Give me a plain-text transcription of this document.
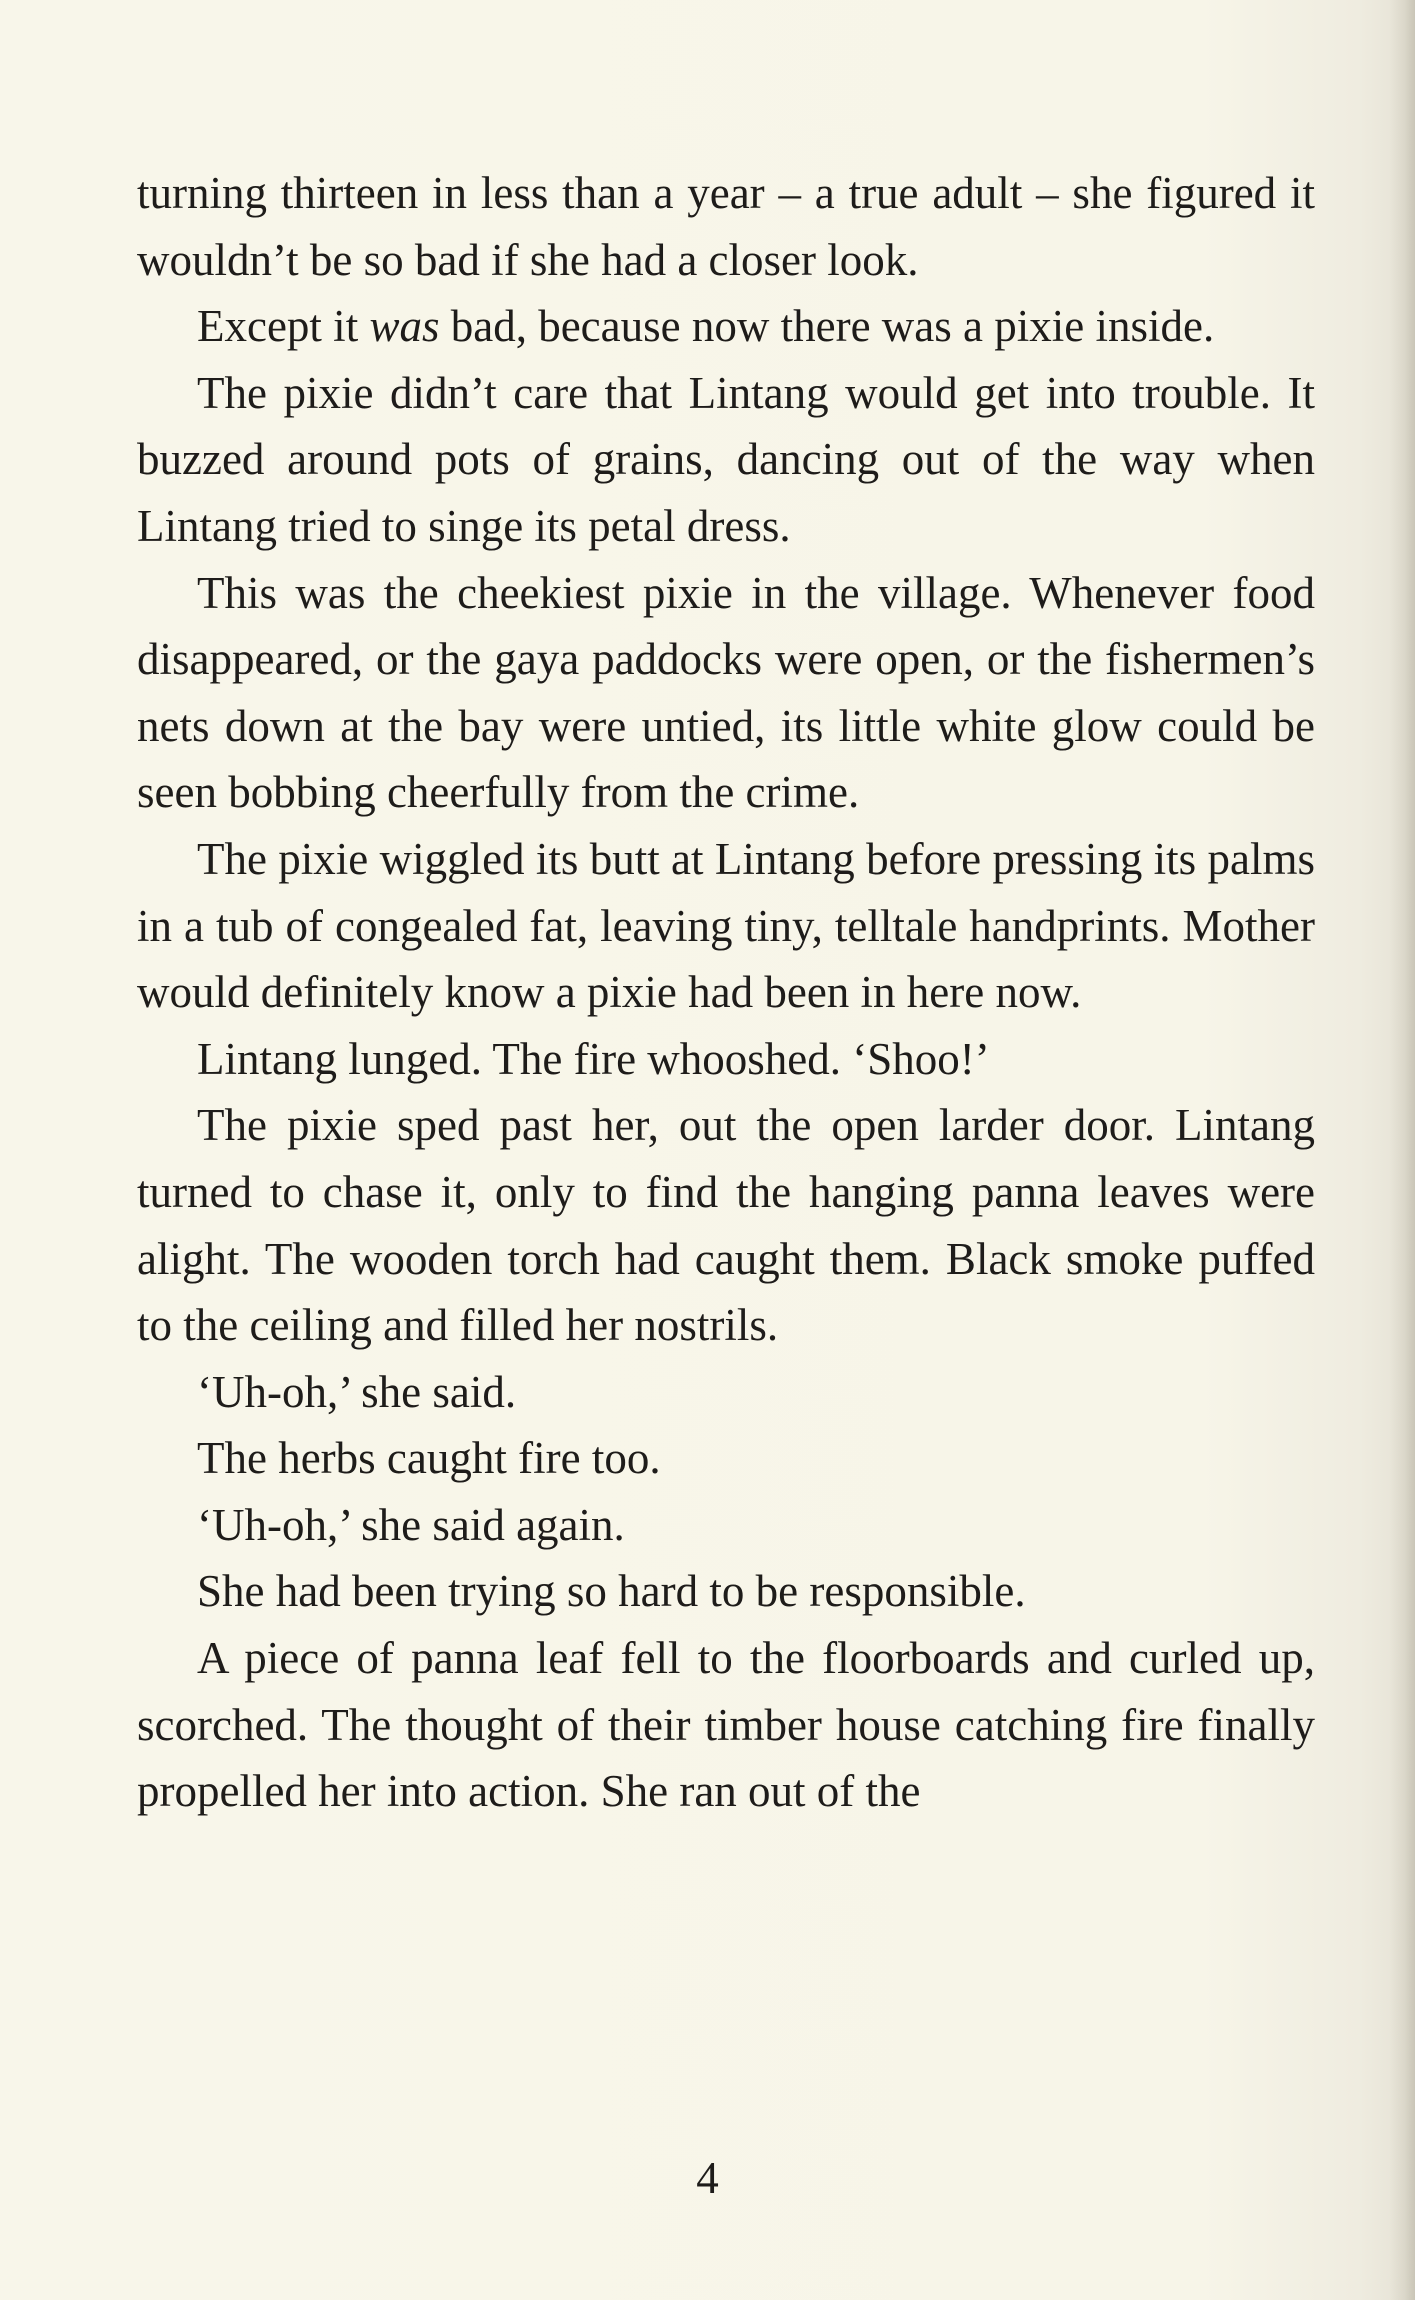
turning thirteen in less than a year – a true adult – she figured it wouldn’t be so bad if she had a closer look.

Except it was bad, because now there was a pixie inside.

The pixie didn’t care that Lintang would get into trouble. It buzzed around pots of grains, dancing out of the way when Lintang tried to singe its petal dress.

This was the cheekiest pixie in the village. Whenever food disappeared, or the gaya paddocks were open, or the fishermen’s nets down at the bay were untied, its little white glow could be seen bobbing cheerfully from the crime.

The pixie wiggled its butt at Lintang before pressing its palms in a tub of congealed fat, leaving tiny, telltale handprints. Mother would definitely know a pixie had been in here now.

Lintang lunged. The fire whooshed. ‘Shoo!’

The pixie sped past her, out the open larder door. Lintang turned to chase it, only to find the hanging panna leaves were alight. The wooden torch had caught them. Black smoke puffed to the ceiling and filled her nostrils.

‘Uh-oh,’ she said.

The herbs caught fire too.

‘Uh-oh,’ she said again.

She had been trying so hard to be responsible.

A piece of panna leaf fell to the floorboards and curled up, scorched. The thought of their timber house catching fire finally propelled her into action. She ran out of the

4
